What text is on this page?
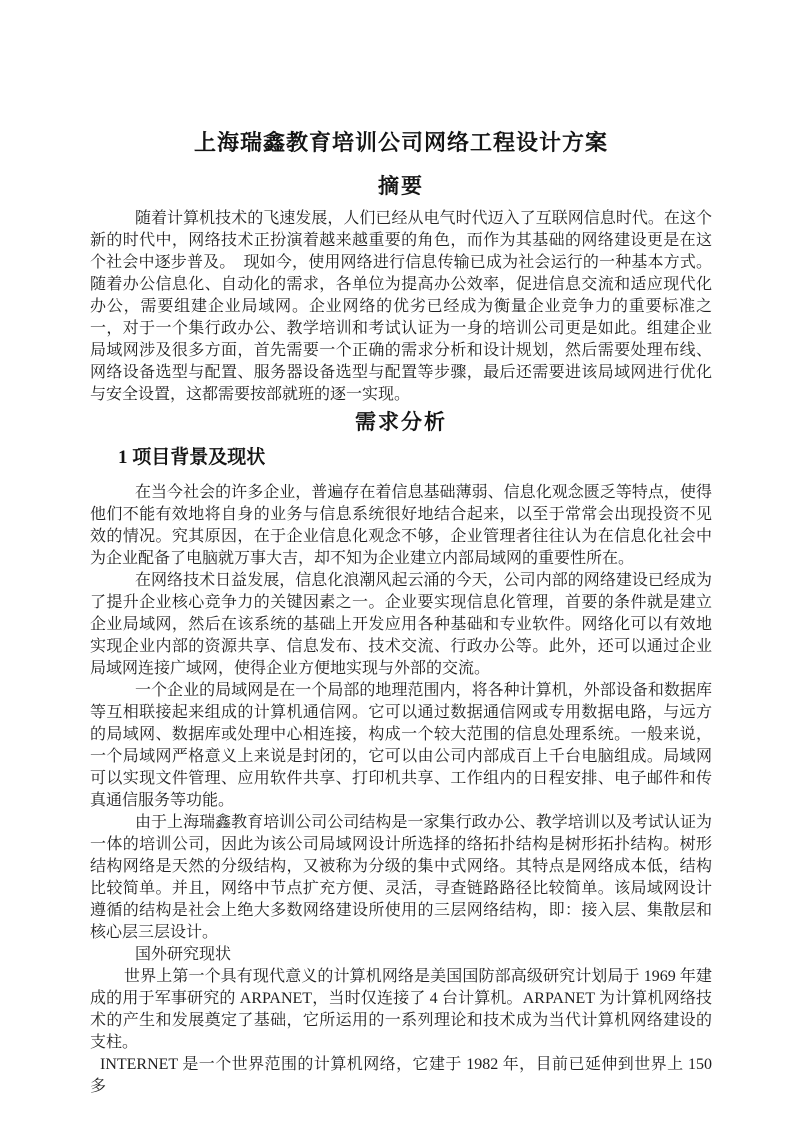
上海瑞鑫教育培训公司网络工程设计方案
摘要

随着计算机技术的飞速发展，人们已经从电气时代迈入了互联网信息时代。在这个新的时代中，网络技术正扮演着越来越重要的角色，而作为其基础的网络建设更是在这个社会中逐步普及。　现如今，使用网络进行信息传输已成为社会运行的一种基本方式。随着办公信息化、自动化的需求，各单位为提高办公效率，促进信息交流和适应现代化办公，需要组建企业局域网。企业网络的优劣已经成为衡量企业竞争力的重要标准之一，对于一个集行政办公、教学培训和考试认证为一身的培训公司更是如此。组建企业局域网涉及很多方面，首先需要一个正确的需求分析和设计规划，然后需要处理布线、网络设备选型与配置、服务器设备选型与配置等步骤，最后还需要进该局域网进行优化与安全设置，这都需要按部就班的逐一实现。

需求分析
1 项目背景及现状

在当今社会的许多企业，普遍存在着信息基础薄弱、信息化观念匮乏等特点，使得他们不能有效地将自身的业务与信息系统很好地结合起来，以至于常常会出现投资不见效的情况。究其原因，在于企业信息化观念不够，企业管理者往往认为在信息化社会中为企业配备了电脑就万事大吉，却不知为企业建立内部局域网的重要性所在。

在网络技术日益发展，信息化浪潮风起云涌的今天，公司内部的网络建设已经成为了提升企业核心竞争力的关键因素之一。企业要实现信息化管理，首要的条件就是建立企业局域网，然后在该系统的基础上开发应用各种基础和专业软件。网络化可以有效地实现企业内部的资源共享、信息发布、技术交流、行政办公等。此外，还可以通过企业局域网连接广域网，使得企业方便地实现与外部的交流。

一个企业的局域网是在一个局部的地理范围内，将各种计算机，外部设备和数据库等互相联接起来组成的计算机通信网。它可以通过数据通信网或专用数据电路，与远方的局域网、数据库或处理中心相连接，构成一个较大范围的信息处理系统。一般来说，一个局域网严格意义上来说是封闭的，它可以由公司内部成百上千台电脑组成。局域网可以实现文件管理、应用软件共享、打印机共享、工作组内的日程安排、电子邮件和传真通信服务等功能。

由于上海瑞鑫教育培训公司公司结构是一家集行政办公、教学培训以及考试认证为一体的培训公司，因此为该公司局域网设计所选择的络拓扑结构是树形拓扑结构。树形结构网络是天然的分级结构，又被称为分级的集中式网络。其特点是网络成本低，结构比较简单。并且，网络中节点扩充方便、灵活，寻查链路路径比较简单。该局域网设计遵循的结构是社会上绝大多数网络建设所使用的三层网络结构，即：接入层、集散层和核心层三层设计。

国外研究现状

世界上第一个具有现代意义的计算机网络是美国国防部高级研究计划局于 1969 年建成的用于军事研究的 ARPANET，当时仅连接了 4 台计算机。ARPANET 为计算机网络技术的产生和发展奠定了基础，它所运用的一系列理论和技术成为当代计算机网络建设的支柱。

INTERNET 是一个世界范围的计算机网络，它建于 1982 年，目前已延伸到世界上 150 多
